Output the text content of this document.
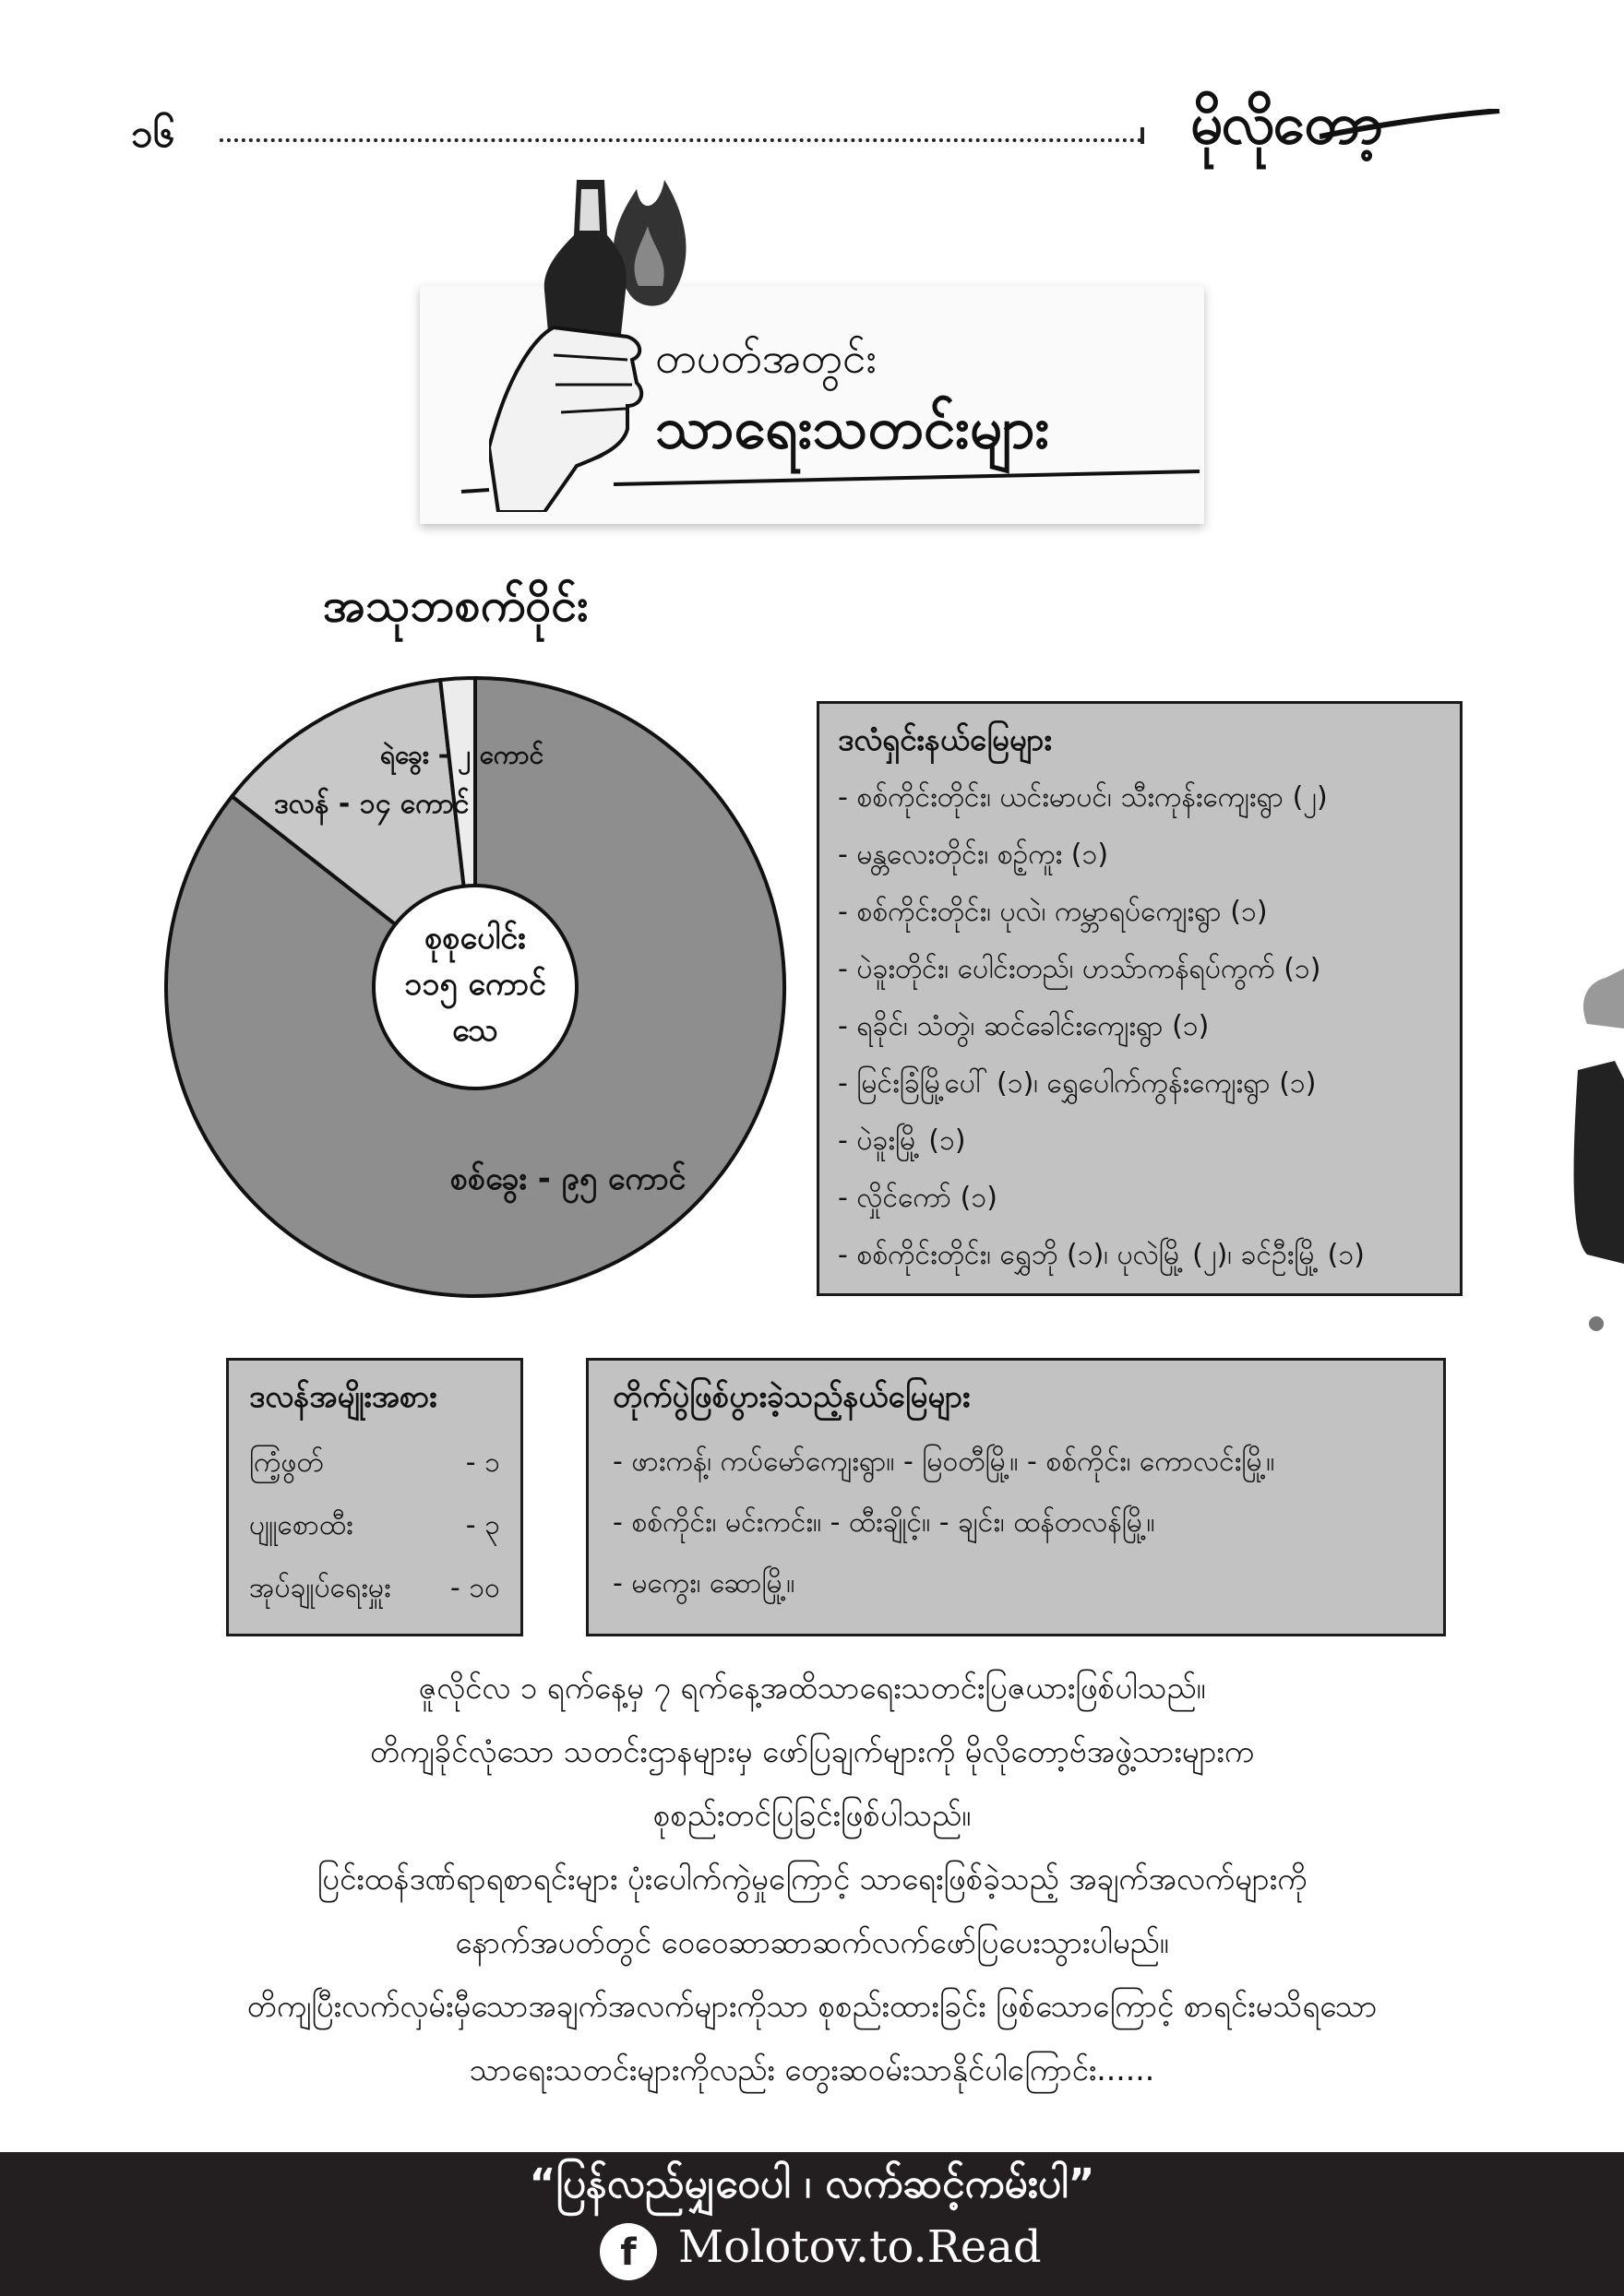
၁၆	မိုလိုတော့
တပတ်အတွင်း
သာရေးသတင်းများ
အသုဘစက်ဝိုင်း
စစ်ခွေး - ၉၅ ကောင်
ဒလန် - ၁၄ ကောင်
ရဲခွေး - ၂ ကောင်
စုစုပေါင်း
၁၁၅ ကောင်
သေ
ဒလံရှင်းနယ်မြေများ
- စစ်ကိုင်းတိုင်း၊ ယင်းမာပင်၊ သီးကုန်းကျေးရွာ (၂)
- မန္တလေးတိုင်း၊ စဥ့်ကူး (၁)
- စစ်ကိုင်းတိုင်း၊ ပုလဲ၊ ကမ္ဘာရပ်ကျေးရွာ (၁)
- ပဲခူးတိုင်း၊ ပေါင်းတည်၊ ဟသ်ာကန်ရပ်ကွက် (၁)
- ရခိုင်၊ သံတွဲ၊ ဆင်ခေါင်းကျေးရွာ (၁)
- မြင်းခြံမြို့ပေါ် (၁)၊ ရွှေပေါက်ကွန်းကျေးရွာ (၁)
- ပဲခူးမြို့ (၁)
- လှိုင်ကော် (၁)
- စစ်ကိုင်းတိုင်း၊ ရွှေဘို (၁)၊ ပုလဲမြို့ (၂)၊ ခင်ဦးမြို့ (၁)
ဒလန်အမျိုးအစား
ကြံ့ဖွတ်	- ၁
ပျူစောထီး	- ၃
အုပ်ချုပ်ရေးမှူး - ၁၀
တိုက်ပွဲဖြစ်ပွားခဲ့သည့်နယ်မြေများ
- ဖားကန့်၊ ကပ်မော်ကျေးရွာ။ - မြဝတီမြို့။ - စစ်ကိုင်း၊ ကောလင်းမြို့။
- စစ်ကိုင်း၊ မင်းကင်း။ - ထီးချိုင့်။ - ချင်း၊ ထန်တလန်မြို့။
- မကွေး၊ ဆောမြို့။
ဇူလိုင်လ ၁ ရက်နေ့မှ ၇ ရက်နေ့အထိသာရေးသတင်းပြဇယားဖြစ်ပါသည်။
တိကျခိုင်လုံသော သတင်းဌာနများမှ ဖော်ပြချက်များကို မိုလိုတော့ဗ်အဖွဲ့သားများက
စုစည်းတင်ပြခြင်းဖြစ်ပါသည်။
ပြင်းထန်ဒဏ်ရာရစာရင်းများ ပုံးပေါက်ကွဲမှုကြောင့် သာရေးဖြစ်ခဲ့သည့် အချက်အလက်များကို
နောက်အပတ်တွင် ဝေဝေဆာဆာဆက်လက်ဖော်ပြပေးသွားပါမည်။
တိကျပြီးလက်လှမ်းမှီသောအချက်အလက်များကိုသာ စုစည်းထားခြင်း ဖြစ်သောကြောင့် စာရင်းမသိရသော
သာရေးသတင်းများကိုလည်း တွေးဆဝမ်းသာနိုင်ပါကြောင်း......
“ပြန်လည်မျှဝေပါ ၊ လက်ဆင့်ကမ်းပါ”
f Molotov.to.Read
